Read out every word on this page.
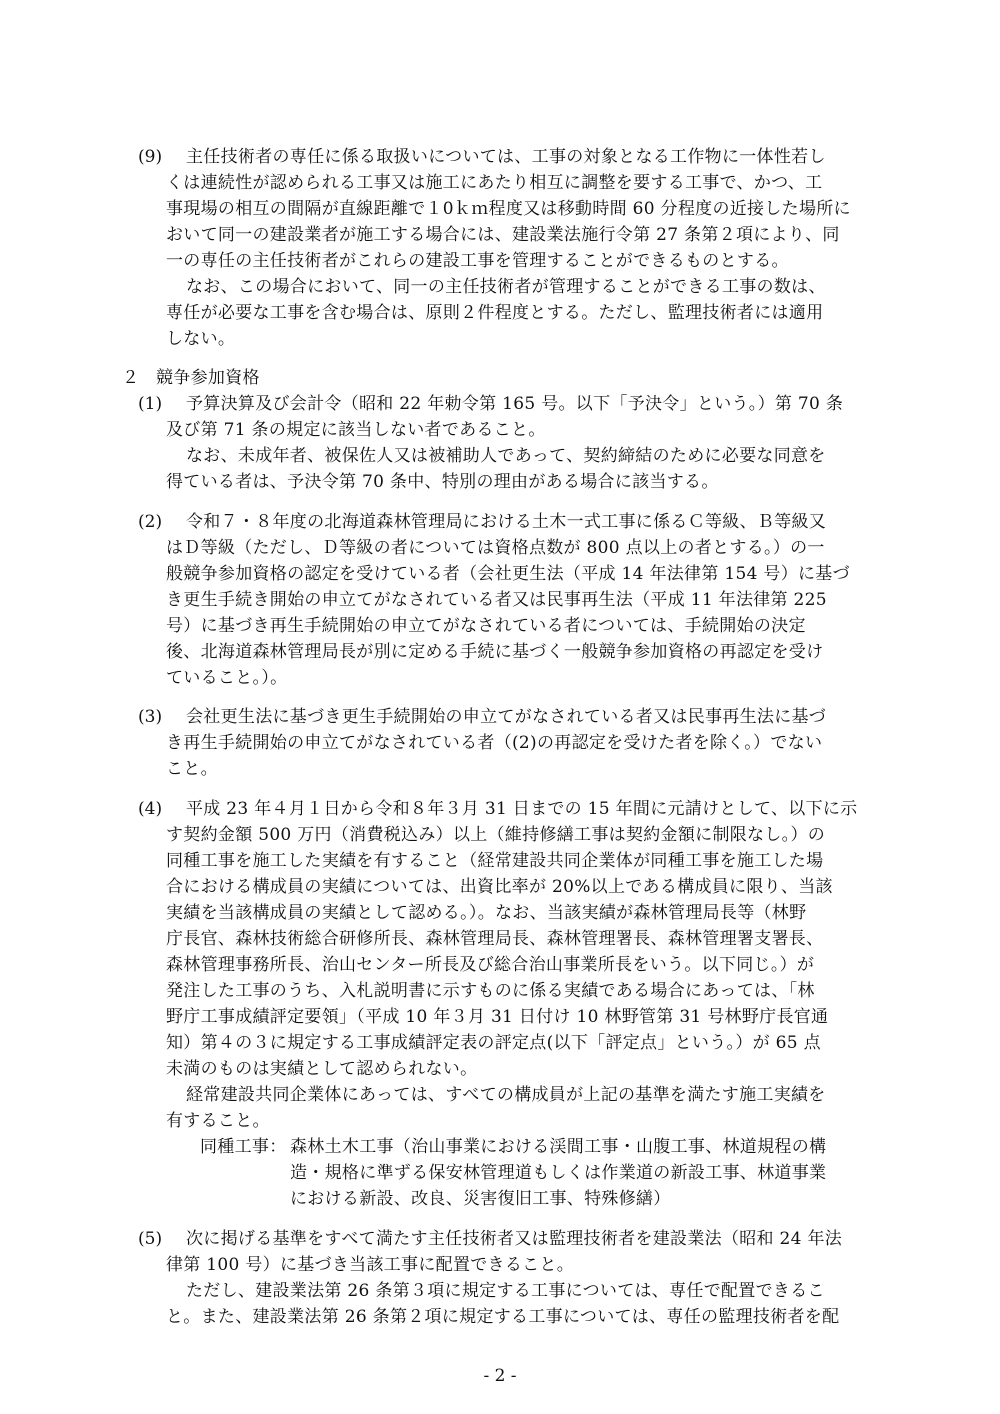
(9) 主任技術者の専任に係る取扱いについては、工事の対象となる工作物に一体性若し
くは連続性が認められる工事又は施工にあたり相互に調整を要する工事で、かつ、工
事現場の相互の間隔が直線距離で１0ｋｍ程度又は移動時間 60 分程度の近接した場所に
おいて同一の建設業者が施工する場合には、建設業法施行令第 27 条第２項により、同
一の専任の主任技術者がこれらの建設工事を管理することができるものとする。
なお、この場合において、同一の主任技術者が管理することができる工事の数は、
専任が必要な工事を含む場合は、原則２件程度とする。ただし、監理技術者には適用
しない。
２ 競争参加資格
(1) 予算決算及び会計令（昭和 22 年勅令第 165 号。以下「予決令」という。）第 70 条
及び第 71 条の規定に該当しない者であること。
なお、未成年者、被保佐人又は被補助人であって、契約締結のために必要な同意を
得ている者は、予決令第 70 条中、特別の理由がある場合に該当する。
(2) 令和７・８年度の北海道森林管理局における土木一式工事に係るＣ等級、Ｂ等級又
はＤ等級（ただし、Ｄ等級の者については資格点数が 800 点以上の者とする。）の一
般競争参加資格の認定を受けている者（会社更生法（平成 14 年法律第 154 号）に基づ
き更生手続き開始の申立てがなされている者又は民事再生法（平成 11 年法律第 225
号）に基づき再生手続開始の申立てがなされている者については、手続開始の決定
後、北海道森林管理局長が別に定める手続に基づく一般競争参加資格の再認定を受け
ていること。）。
(3) 会社更生法に基づき更生手続開始の申立てがなされている者又は民事再生法に基づ
き再生手続開始の申立てがなされている者（(2)の再認定を受けた者を除く。）でない
こと。
(4) 平成 23 年４月１日から令和８年３月 31 日までの 15 年間に元請けとして、以下に示
す契約金額 500 万円（消費税込み）以上（維持修繕工事は契約金額に制限なし。）の
同種工事を施工した実績を有すること（経常建設共同企業体が同種工事を施工した場
合における構成員の実績については、出資比率が 20%以上である構成員に限り、当該
実績を当該構成員の実績として認める。）。なお、当該実績が森林管理局長等（林野
庁長官、森林技術総合研修所長、森林管理局長、森林管理署長、森林管理署支署長、
森林管理事務所長、治山センター所長及び総合治山事業所長をいう。以下同じ。）が
発注した工事のうち、入札説明書に示すものに係る実績である場合にあっては、「林
野庁工事成績評定要領」（平成 10 年３月 31 日付け 10 林野管第 31 号林野庁長官通
知）第４の３に規定する工事成績評定表の評定点(以下「評定点」という。）が 65 点
未満のものは実績として認められない。
経常建設共同企業体にあっては、すべての構成員が上記の基準を満たす施工実績を
有すること。
同種工事： 森林土木工事（治山事業における渓間工事・山腹工事、林道規程の構
造・規格に準ずる保安林管理道もしくは作業道の新設工事、林道事業
における新設、改良、災害復旧工事、特殊修繕）
(5) 次に掲げる基準をすべて満たす主任技術者又は監理技術者を建設業法（昭和 24 年法
律第 100 号）に基づき当該工事に配置できること。
ただし、建設業法第 26 条第３項に規定する工事については、専任で配置できるこ
と。また、建設業法第 26 条第２項に規定する工事については、専任の監理技術者を配
- 2 -
